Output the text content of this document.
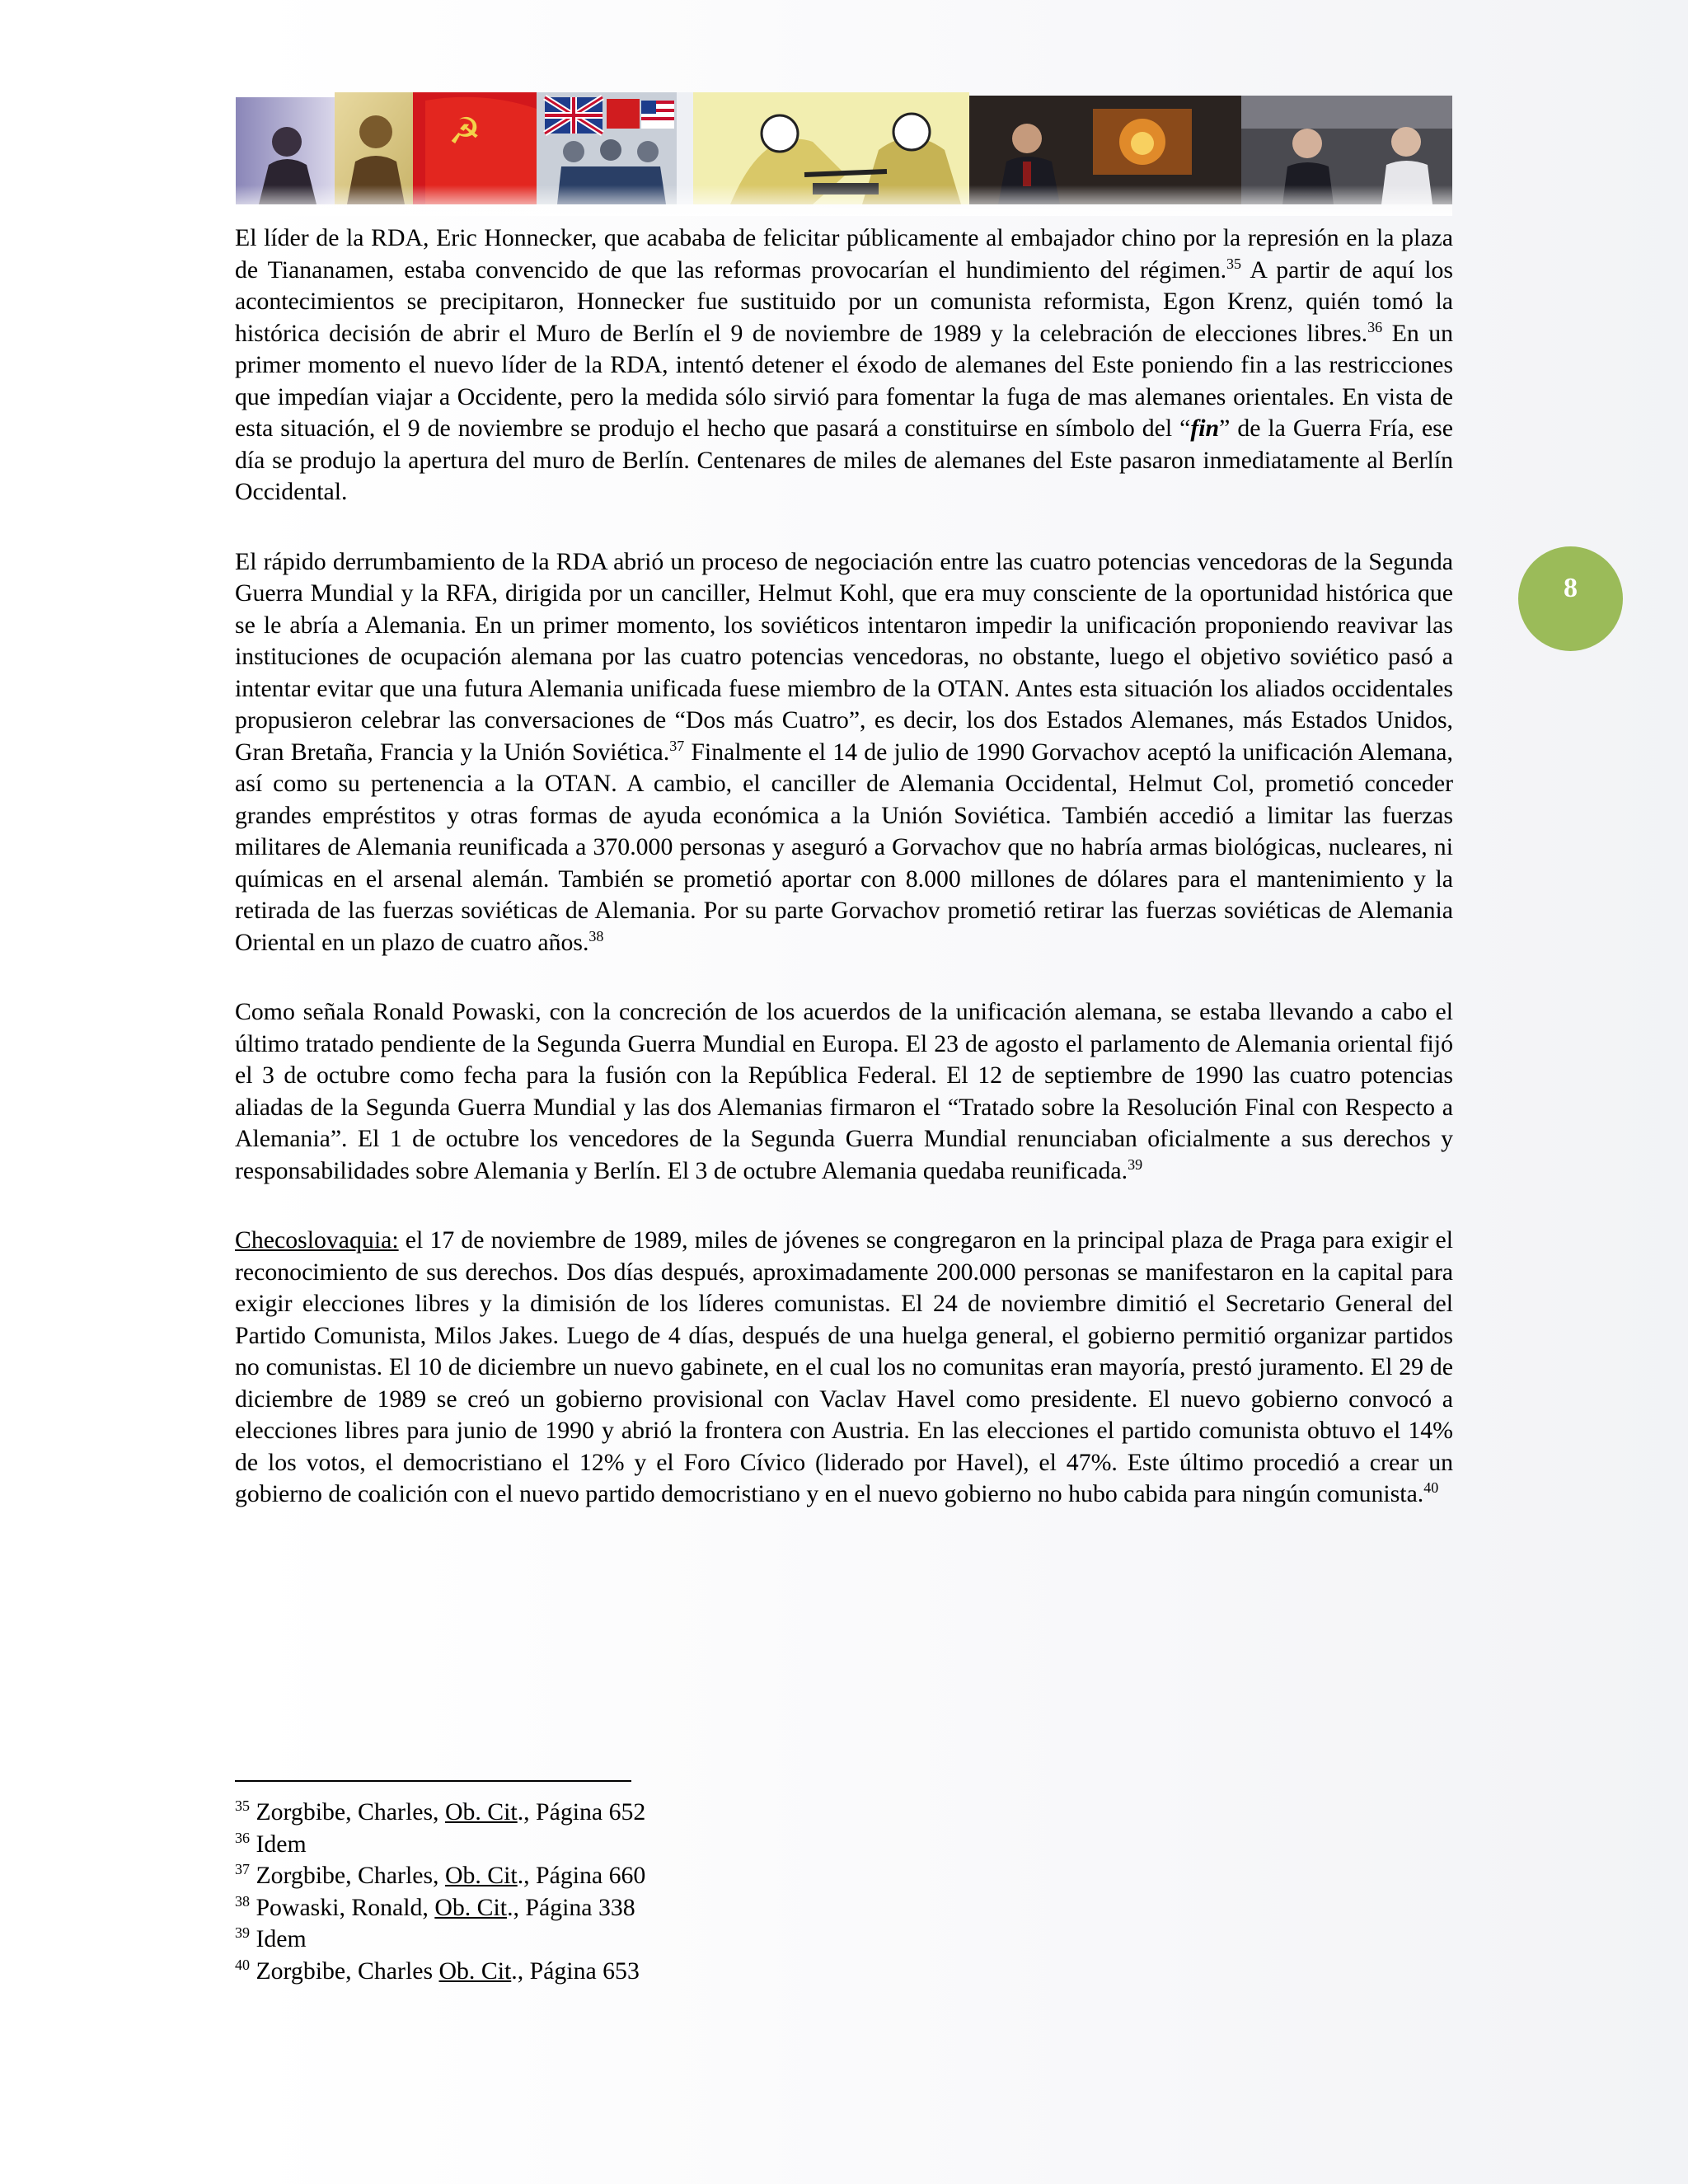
8

El líder de la RDA, Eric Honnecker, que acababa de felicitar públicamente al embajador chino por la represión en la plaza de Tiananamen, estaba convencido de que las reformas provocarían el hundimiento del régimen.$^{35}$ A partir de aquí los acontecimientos se precipitaron, Honnecker fue sustituido por un comunista reformista, Egon Krenz, quién tomó la histórica decisión de abrir el Muro de Berlín el 9 de noviembre de 1989 y la celebración de elecciones libres.$^{36}$ En un primer momento el nuevo líder de la RDA, intentó detener el éxodo de alemanes del Este poniendo fin a las restricciones que impedían viajar a Occidente, pero la medida sólo sirvió para fomentar la fuga de mas alemanes orientales. En vista de esta situación, el 9 de noviembre se produjo el hecho que pasará a constituirse en símbolo del “fin” de la Guerra Fría, ese día se produjo la apertura del muro de Berlín. Centenares de miles de alemanes del Este pasaron inmediatamente al Berlín Occidental.

El rápido derrumbamiento de la RDA abrió un proceso de negociación entre las cuatro potencias vencedoras de la Segunda Guerra Mundial y la RFA, dirigida por un canciller, Helmut Kohl, que era muy consciente de la oportunidad histórica que se le abría a Alemania. En un primer momento, los soviéticos intentaron impedir la unificación proponiendo reavivar las instituciones de ocupación alemana por las cuatro potencias vencedoras, no obstante, luego el objetivo soviético pasó a intentar evitar que una futura Alemania unificada fuese miembro de la OTAN. Antes esta situación los aliados occidentales propusieron celebrar las conversaciones de “Dos más Cuatro”, es decir, los dos Estados Alemanes, más Estados Unidos, Gran Bretaña, Francia y la Unión Soviética.$^{37}$ Finalmente el 14 de julio de 1990 Gorvachov aceptó la unificación Alemana, así como su pertenencia a la OTAN. A cambio, el canciller de Alemania Occidental, Helmut Col, prometió conceder grandes empréstitos y otras formas de ayuda económica a la Unión Soviética. También accedió a limitar las fuerzas militares de Alemania reunificada a 370.000 personas y aseguró a Gorvachov que no habría armas biológicas, nucleares, ni químicas en el arsenal alemán. También se prometió aportar con 8.000 millones de dólares para el mantenimiento y la retirada de las fuerzas soviéticas de Alemania. Por su parte Gorvachov prometió retirar las fuerzas soviéticas de Alemania Oriental en un plazo de cuatro años.$^{38}$

Como señala Ronald Powaski, con la concreción de los acuerdos de la unificación alemana, se estaba llevando a cabo el último tratado pendiente de la Segunda Guerra Mundial en Europa. El 23 de agosto el parlamento de Alemania oriental fijó el 3 de octubre como fecha para la fusión con la República Federal. El 12 de septiembre de 1990 las cuatro potencias aliadas de la Segunda Guerra Mundial y las dos Alemanias firmaron el “Tratado sobre la Resolución Final con Respecto a Alemania”. El 1 de octubre los vencedores de la Segunda Guerra Mundial renunciaban oficialmente a sus derechos y responsabilidades sobre Alemania y Berlín. El 3 de octubre Alemania quedaba reunificada.$^{39}$

Checoslovaquia: el 17 de noviembre de 1989, miles de jóvenes se congregaron en la principal plaza de Praga para exigir el reconocimiento de sus derechos. Dos días después, aproximadamente 200.000 personas se manifestaron en la capital para exigir elecciones libres y la dimisión de los líderes comunistas. El 24 de noviembre dimitió el Secretario General del Partido Comunista, Milos Jakes. Luego de 4 días, después de una huelga general, el gobierno permitió organizar partidos no comunistas. El 10 de diciembre un nuevo gabinete, en el cual los no comunitas eran mayoría, prestó juramento. El 29 de diciembre de 1989 se creó un gobierno provisional con Vaclav Havel como presidente. El nuevo gobierno convocó a elecciones libres para junio de 1990 y abrió la frontera con Austria. En las elecciones el partido comunista obtuvo el 14% de los votos, el democristiano el 12% y el Foro Cívico (liderado por Havel), el 47%. Este último procedió a crear un gobierno de coalición con el nuevo partido democristiano y en el nuevo gobierno no hubo cabida para ningún comunista.$^{40}$

$^{35}$ Zorgbibe, Charles, Ob. Cit., Página 652
$^{36}$ Idem
$^{37}$ Zorgbibe, Charles, Ob. Cit., Página 660
$^{38}$ Powaski, Ronald, Ob. Cit., Página 338
$^{39}$ Idem
$^{40}$ Zorgbibe, Charles Ob. Cit., Página 653
